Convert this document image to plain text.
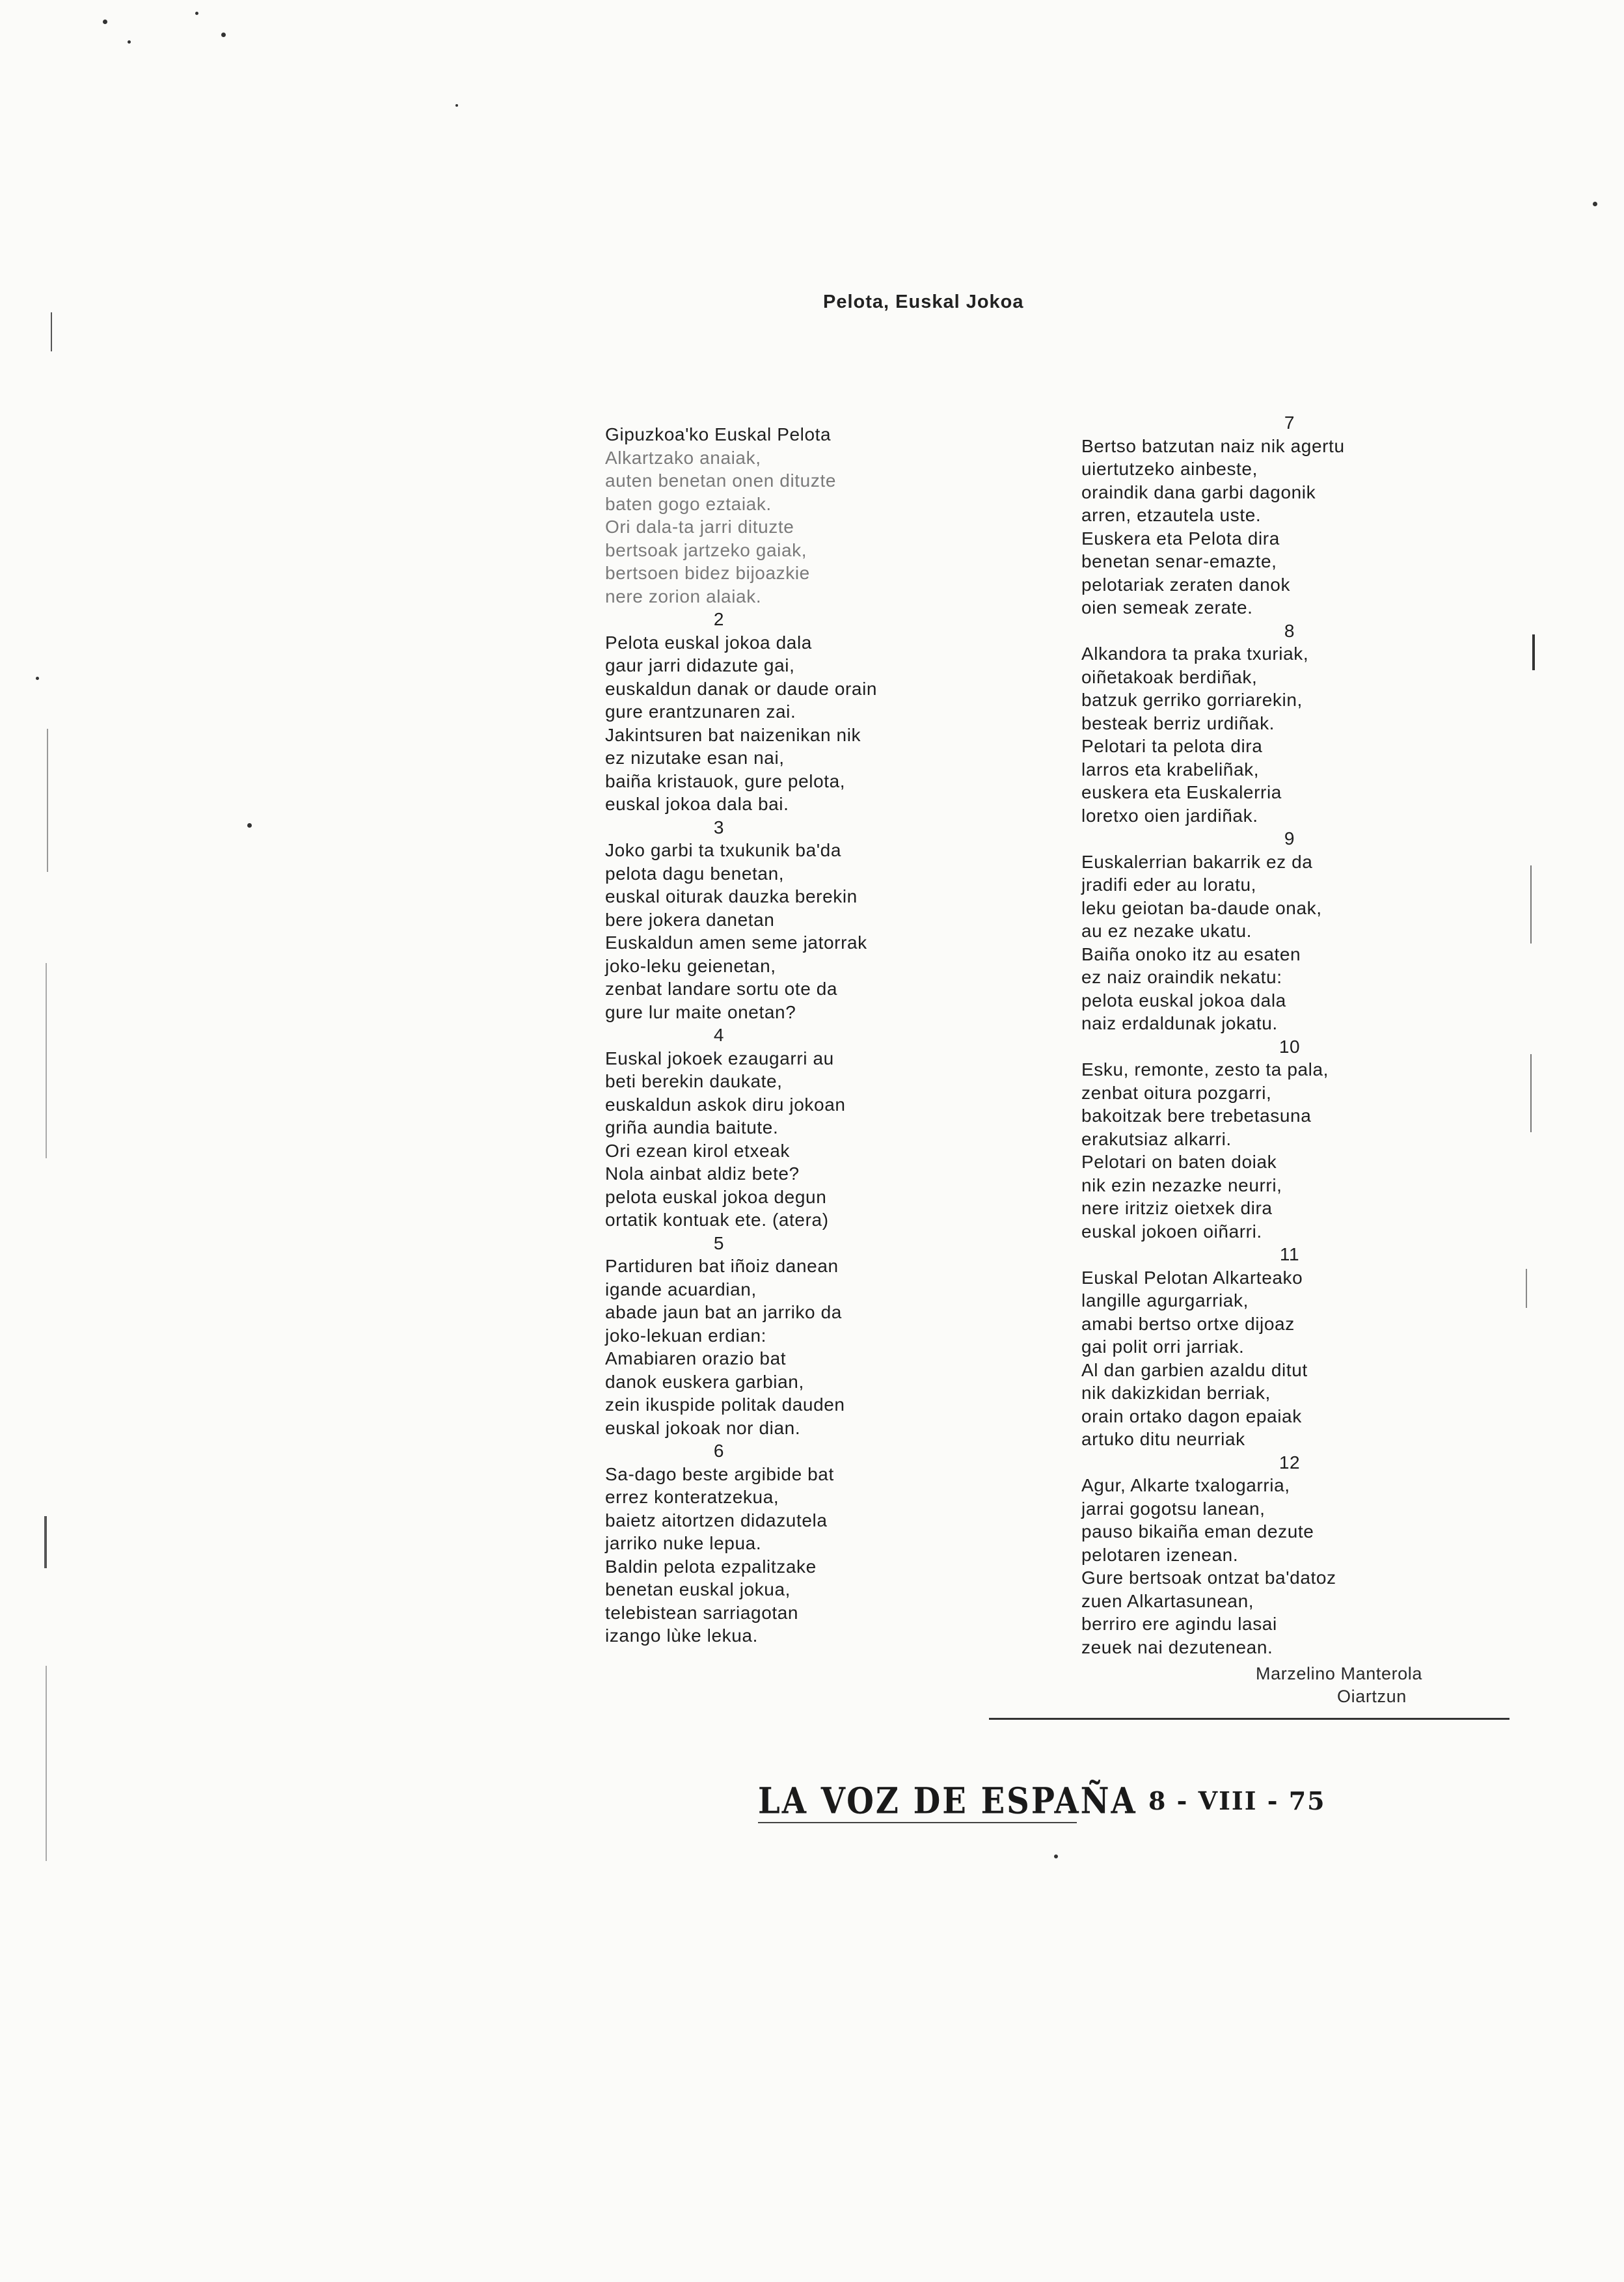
Pelota, Euskal Jokoa
Gipuzkoa'ko Euskal Pelota
Alkartzako anaiak,
auten benetan onen dituzte
baten gogo eztaiak.
Ori dala-ta jarri dituzte
bertsoak jartzeko gaiak,
bertsoen bidez bijoazkie
nere zorion alaiak.
2
Pelota euskal jokoa dala
gaur jarri didazute gai,
euskaldun danak or daude orain
gure erantzunaren zai.
Jakintsuren bat naizenikan nik
ez nizutake esan nai,
baiña kristauok, gure pelota,
euskal jokoa dala bai.
3
Joko garbi ta txukunik ba'da
pelota dagu benetan,
euskal oiturak dauzka berekin
bere jokera danetan
Euskaldun amen seme jatorrak
joko-leku geienetan,
zenbat landare sortu ote da
gure lur maite onetan?
4
Euskal jokoek ezaugarri au
beti berekin daukate,
euskaldun askok diru jokoan
griña aundia baitute.
Ori ezean kirol etxeak
Nola ainbat aldiz bete?
pelota euskal jokoa degun
ortatik kontuak ete. (atera)
5
Partiduren bat iñoiz danean
igande acuardian,
abade jaun bat an jarriko da
joko-lekuan erdian:
Amabiaren orazio bat
danok euskera garbian,
zein ikuspide politak dauden
euskal jokoak nor dian.
6
Sa-dago beste argibide bat
errez konteratzekua,
baietz aitortzen didazutela
jarriko nuke lepua.
Baldin pelota ezpalitzake
benetan euskal jokua,
telebistean sarriagotan
izango lùke lekua.
7
Bertso batzutan naiz nik agertu
uiertutzeko ainbeste,
oraindik dana garbi dagonik
arren, etzautela uste.
Euskera eta Pelota dira
benetan senar-emazte,
pelotariak zeraten danok
oien semeak zerate.
8
Alkandora ta praka txuriak,
oiñetakoak berdiñak,
batzuk gerriko gorriarekin,
besteak berriz urdiñak.
Pelotari ta pelota dira
larros eta krabeliñak,
euskera eta Euskalerria
loretxo oien jardiñak.
9
Euskalerrian bakarrik ez da
jradifi eder au loratu,
leku geiotan ba-daude onak,
au ez nezake ukatu.
Baiña onoko itz au esaten
ez naiz oraindik nekatu:
pelota euskal jokoa dala
naiz erdaldunak jokatu.
10
Esku, remonte, zesto ta pala,
zenbat oitura pozgarri,
bakoitzak bere trebetasuna
erakutsiaz alkarri.
Pelotari on baten doiak
nik ezin nezazke neurri,
nere iritziz oietxek dira
euskal jokoen oiñarri.
11
Euskal Pelotan Alkarteako
langille agurgarriak,
amabi bertso ortxe dijoaz
gai polit orri jarriak.
Al dan garbien azaldu ditut
nik dakizkidan berriak,
orain ortako dagon epaiak
artuko ditu neurriak
12
Agur, Alkarte txalogarria,
jarrai gogotsu lanean,
pauso bikaiña eman dezute
pelotaren izenean.
Gure bertsoak ontzat ba'datoz
zuen Alkartasunean,
berriro ere agindu lasai
zeuek nai dezutenean.
Marzelino Manterola
Oiartzun
LA VOZ DE ESPAÑA 8 - VIII - 75
